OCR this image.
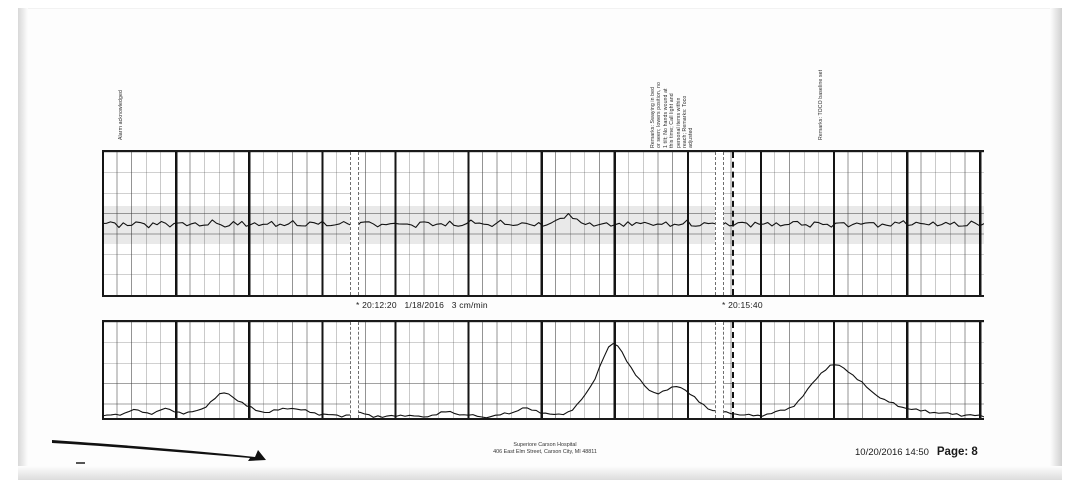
Alarm acknowledged	Remarks: Swaying in bed or seen; lowers position, no 1 tilt; No hands wound at this time; Call light and personal items within reach; Remarks: Toco adjusted	Remarks: TOCO baseline set
* 20:12:20 1/18/2016 3 cm/min	* 20:15:40
Superiore Carson Hospital
406 East Elm Street, Carson City, MI 48811	10/20/2016 14:50 Page: 8
